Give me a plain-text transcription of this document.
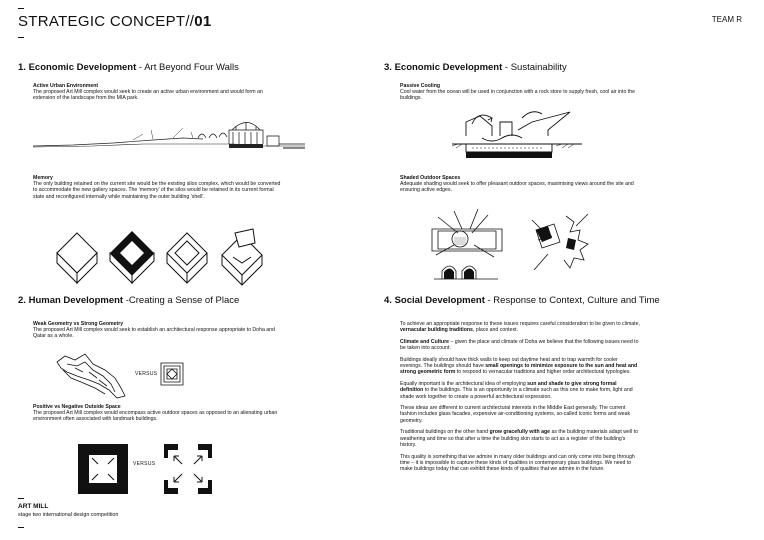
STRATEGIC CONCEPT//01	TEAM R
1. Economic Development - Art Beyond Four Walls
Active Urban Environment
The proposed Art Mill complex would seek to create an active urban environment and would form an extension of the landscape from the MIA park.
Memory
The only building retained on the current site would be the existing silos complex, which would be converted to accommodate the new gallery spaces. The 'memory' of the silos would be retained in its current formal state and reconfigured internally while maintaining the outer building 'shell'.
2. Human Development -Creating a Sense of Place
Weak Geometry vs Strong Geometry
The proposed Art Mill complex would seek to establish an architectural response appropriate to Doha and Qatar as a whole.
VERSUS
Positive vs Negative Outside Space
The proposed Art Mill complex would encompass active outdoor spaces as opposed to an alienating urban environment often associated with landmark buildings.
VERSUS
3. Economic Development - Sustainability
Passive Cooling
Cool water from the ocean will be used in conjunction with a rock store to supply fresh, cool air into the buildings.
Shaded Outdoor Spaces
Adequate shading would seek to offer pleasant outdoor spaces, maximising views around the site and ensuring active edges.
4. Social Development - Response to Context, Culture and Time
To achieve an appropriate response to these issues requires careful consideration to be given to climate, vernacular building traditions, place and context.
Climate and Culture – given the place and climate of Doha we believe that the following issues need to be taken into account:
Buildings ideally should have thick walls to keep out daytime heat and to trap warmth for cooler evenings. The buildings should have small openings to minimize exposure to the sun and heat and strong geometric form to respond to vernacular traditions and higher order architectural typologies.
Equally important is the architectural idea of employing sun and shade to give strong formal definition to the buildings. This is an opportunity in a climate such as this one to make form, light and shade work together to create a powerful architectural expression.
These ideas are different to current architectural interests in the Middle East generally. The current fashion includes glass facades, expensive air-conditioning systems, so-called iconic forms and weak geometry.
Traditional buildings on the other hand grow gracefully with age as the building materials adapt well to weathering and time so that after a time the building skin starts to act as a register of the building's history.
This quality is something that we admire in many older buildings and can only come into being through time – it is impossible to capture these kinds of qualities in contemporary glass buildings. We need to make buildings today that can exhibit these kinds of qualities that we admire in the future.
ART MILL
stage two international design competition
